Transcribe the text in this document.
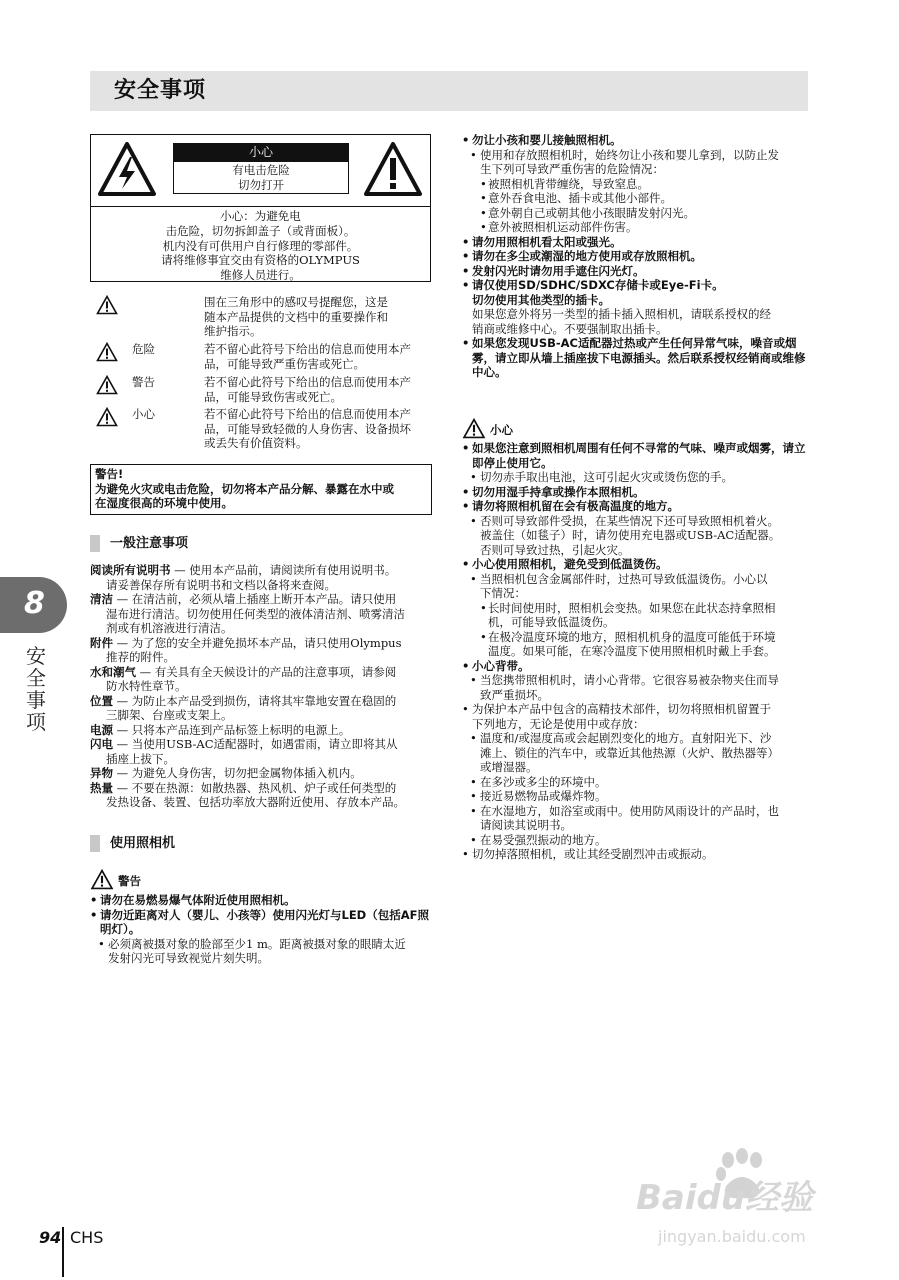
安全事项
小心
有电击危险
切勿打开
小心：为避免电
击危险，切勿拆卸盖子（或背面板）。
机内没有可供用户自行修理的零部件。
请将维修事宜交由有资格的OLYMPUS
维修人员进行。
围在三角形中的感叹号提醒您，这是
随本产品提供的文档中的重要操作和
维护指示。
危险	若不留心此符号下给出的信息而使用本产
品，可能导致严重伤害或死亡。
警告	若不留心此符号下给出的信息而使用本产
品，可能导致伤害或死亡。
小心	若不留心此符号下给出的信息而使用本产
品，可能导致轻微的人身伤害、设备损坏
或丢失有价值资料。
警告!
为避免火灾或电击危险，切勿将本产品分解、暴露在水中或
在湿度很高的环境中使用。
一般注意事项
阅读所有说明书 — 使用本产品前，请阅读所有使用说明书。
请妥善保存所有说明书和文档以备将来查阅。
清洁 — 在清洁前，必须从墙上插座上断开本产品。请只使用
湿布进行清洁。切勿使用任何类型的液体清洁剂、喷雾清洁
剂或有机溶液进行清洁。
附件 — 为了您的安全并避免损坏本产品，请只使用Olympus
推荐的附件。
水和潮气 — 有关具有全天候设计的产品的注意事项，请参阅
防水特性章节。
位置 — 为防止本产品受到损伤，请将其牢靠地安置在稳固的
三脚架、台座或支架上。
电源 — 只将本产品连到产品标签上标明的电源上。
闪电 — 当使用USB-AC适配器时，如遇雷雨，请立即将其从
插座上拔下。
异物 — 为避免人身伤害，切勿把金属物体插入机内。
热量 — 不要在热源：如散热器、热风机、炉子或任何类型的
发热设备、装置、包括功率放大器附近使用、存放本产品。
使用照相机
警告
• 请勿在易燃易爆气体附近使用照相机。
• 请勿近距离对人（婴儿、小孩等）使用闪光灯与LED（包括AF照
明灯）。
• 必须离被摄对象的脸部至少1 m。距离被摄对象的眼睛太近
发射闪光可导致视觉片刻失明。
• 勿让小孩和婴儿接触照相机。
• 使用和存放照相机时，始终勿让小孩和婴儿拿到，以防止发
生下列可导致严重伤害的危险情况：
• 被照相机背带缠绕，导致窒息。
• 意外吞食电池、插卡或其他小部件。
• 意外朝自己或朝其他小孩眼睛发射闪光。
• 意外被照相机运动部件伤害。
• 请勿用照相机看太阳或强光。
• 请勿在多尘或潮湿的地方使用或存放照相机。
• 发射闪光时请勿用手遮住闪光灯。
• 请仅使用SD/SDHC/SDXC存储卡或Eye-Fi卡。
切勿使用其他类型的插卡。
如果您意外将另一类型的插卡插入照相机，请联系授权的经
销商或维修中心。不要强制取出插卡。
• 如果您发现USB-AC适配器过热或产生任何异常气味，噪音或烟
雾，请立即从墙上插座拔下电源插头。然后联系授权经销商或维修
中心。
小心
• 如果您注意到照相机周围有任何不寻常的气味、噪声或烟雾，请立
即停止使用它。
• 切勿赤手取出电池，这可引起火灾或烫伤您的手。
• 切勿用湿手持拿或操作本照相机。
• 请勿将照相机留在会有极高温度的地方。
• 否则可导致部件受损，在某些情况下还可导致照相机着火。
被盖住（如毯子）时，请勿使用充电器或USB-AC适配器。
否则可导致过热，引起火灾。
• 小心使用照相机，避免受到低温烫伤。
• 当照相机包含金属部件时，过热可导致低温烫伤。小心以
下情况：
• 长时间使用时，照相机会变热。如果您在此状态持拿照相
机，可能导致低温烫伤。
• 在极冷温度环境的地方，照相机机身的温度可能低于环境
温度。如果可能，在寒冷温度下使用照相机时戴上手套。
• 小心背带。
• 当您携带照相机时，请小心背带。它很容易被杂物夹住而导
致严重损坏。
• 为保护本产品中包含的高精技术部件，切勿将照相机留置于
下列地方，无论是使用中或存放：
• 温度和/或湿度高或会起剧烈变化的地方。直射阳光下、沙
滩上、锁住的汽车中，或靠近其他热源（火炉、散热器等）
或增湿器。
• 在多沙或多尘的环境中。
• 接近易燃物品或爆炸物。
• 在水湿地方，如浴室或雨中。使用防风雨设计的产品时，也
请阅读其说明书。
• 在易受强烈振动的地方。
• 切勿掉落照相机，或让其经受剧烈冲击或振动。
8
安全事项
94 CHS
Baidu经验
jingyan.baidu.com
